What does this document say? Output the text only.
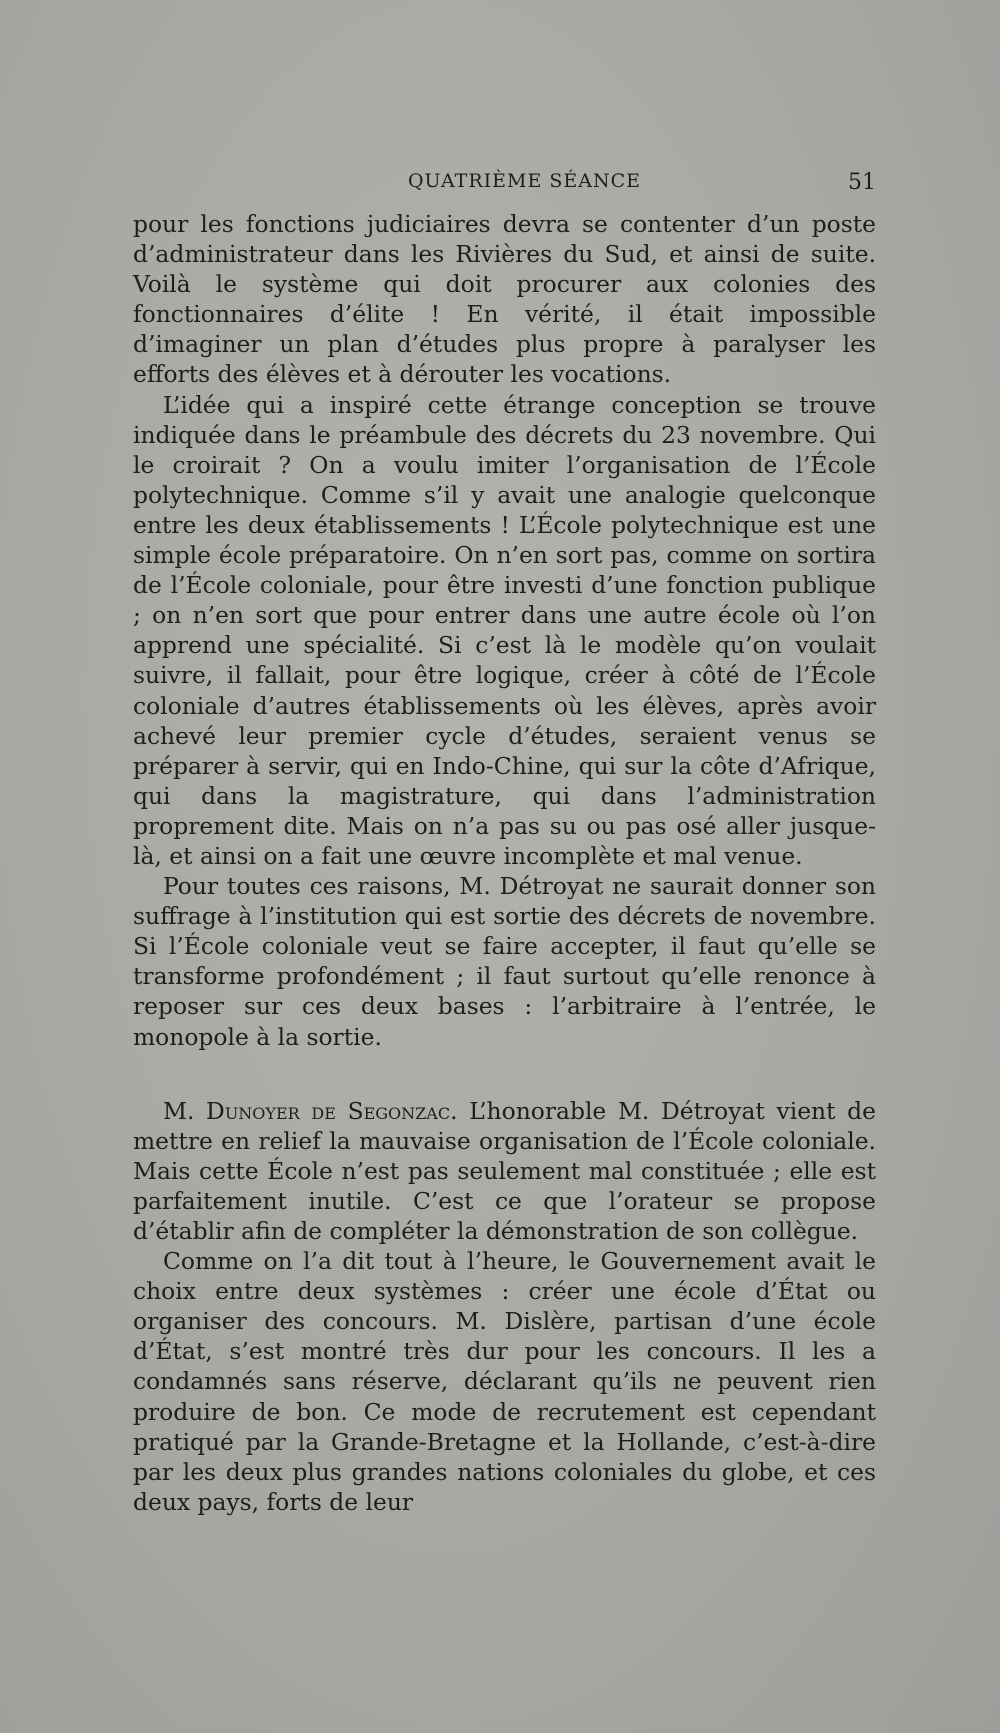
QUATRIÈME SÉANCE	51

pour les fonctions judiciaires devra se contenter d’un poste d’administrateur dans les Rivières du Sud, et ainsi de suite. Voilà le système qui doit procurer aux colonies des fonctionnaires d’élite ! En vérité, il était impossible d’imaginer un plan d’études plus propre à paralyser les efforts des élèves et à dérouter les vocations.

L’idée qui a inspiré cette étrange conception se trouve indiquée dans le préambule des décrets du 23 novembre. Qui le croirait ? On a voulu imiter l’organisation de l’École polytechnique. Comme s’il y avait une analogie quelconque entre les deux établissements ! L’École polytechnique est une simple école préparatoire. On n’en sort pas, comme on sortira de l’École coloniale, pour être investi d’une fonction publique ; on n’en sort que pour entrer dans une autre école où l’on apprend une spécialité. Si c’est là le modèle qu’on voulait suivre, il fallait, pour être logique, créer à côté de l’École coloniale d’autres établissements où les élèves, après avoir achevé leur premier cycle d’études, seraient venus se préparer à servir, qui en Indo-Chine, qui sur la côte d’Afrique, qui dans la magistrature, qui dans l’administration proprement dite. Mais on n’a pas su ou pas osé aller jusque-là, et ainsi on a fait une œuvre incomplète et mal venue.

Pour toutes ces raisons, M. Détroyat ne saurait donner son suffrage à l’institution qui est sortie des décrets de novembre. Si l’École coloniale veut se faire accepter, il faut qu’elle se transforme profondément ; il faut surtout qu’elle renonce à reposer sur ces deux bases : l’arbitraire à l’entrée, le monopole à la sortie.

M. Dunoyer de Segonzac. L’honorable M. Détroyat vient de mettre en relief la mauvaise organisation de l’École coloniale. Mais cette École n’est pas seulement mal constituée ; elle est parfaitement inutile. C’est ce que l’orateur se propose d’établir afin de compléter la démonstration de son collègue.

Comme on l’a dit tout à l’heure, le Gouvernement avait le choix entre deux systèmes : créer une école d’État ou organiser des concours. M. Dislère, partisan d’une école d’État, s’est montré très dur pour les concours. Il les a condamnés sans réserve, déclarant qu’ils ne peuvent rien produire de bon. Ce mode de recrutement est cependant pratiqué par la Grande-Bretagne et la Hollande, c’est-à-dire par les deux plus grandes nations coloniales du globe, et ces deux pays, forts de leur
